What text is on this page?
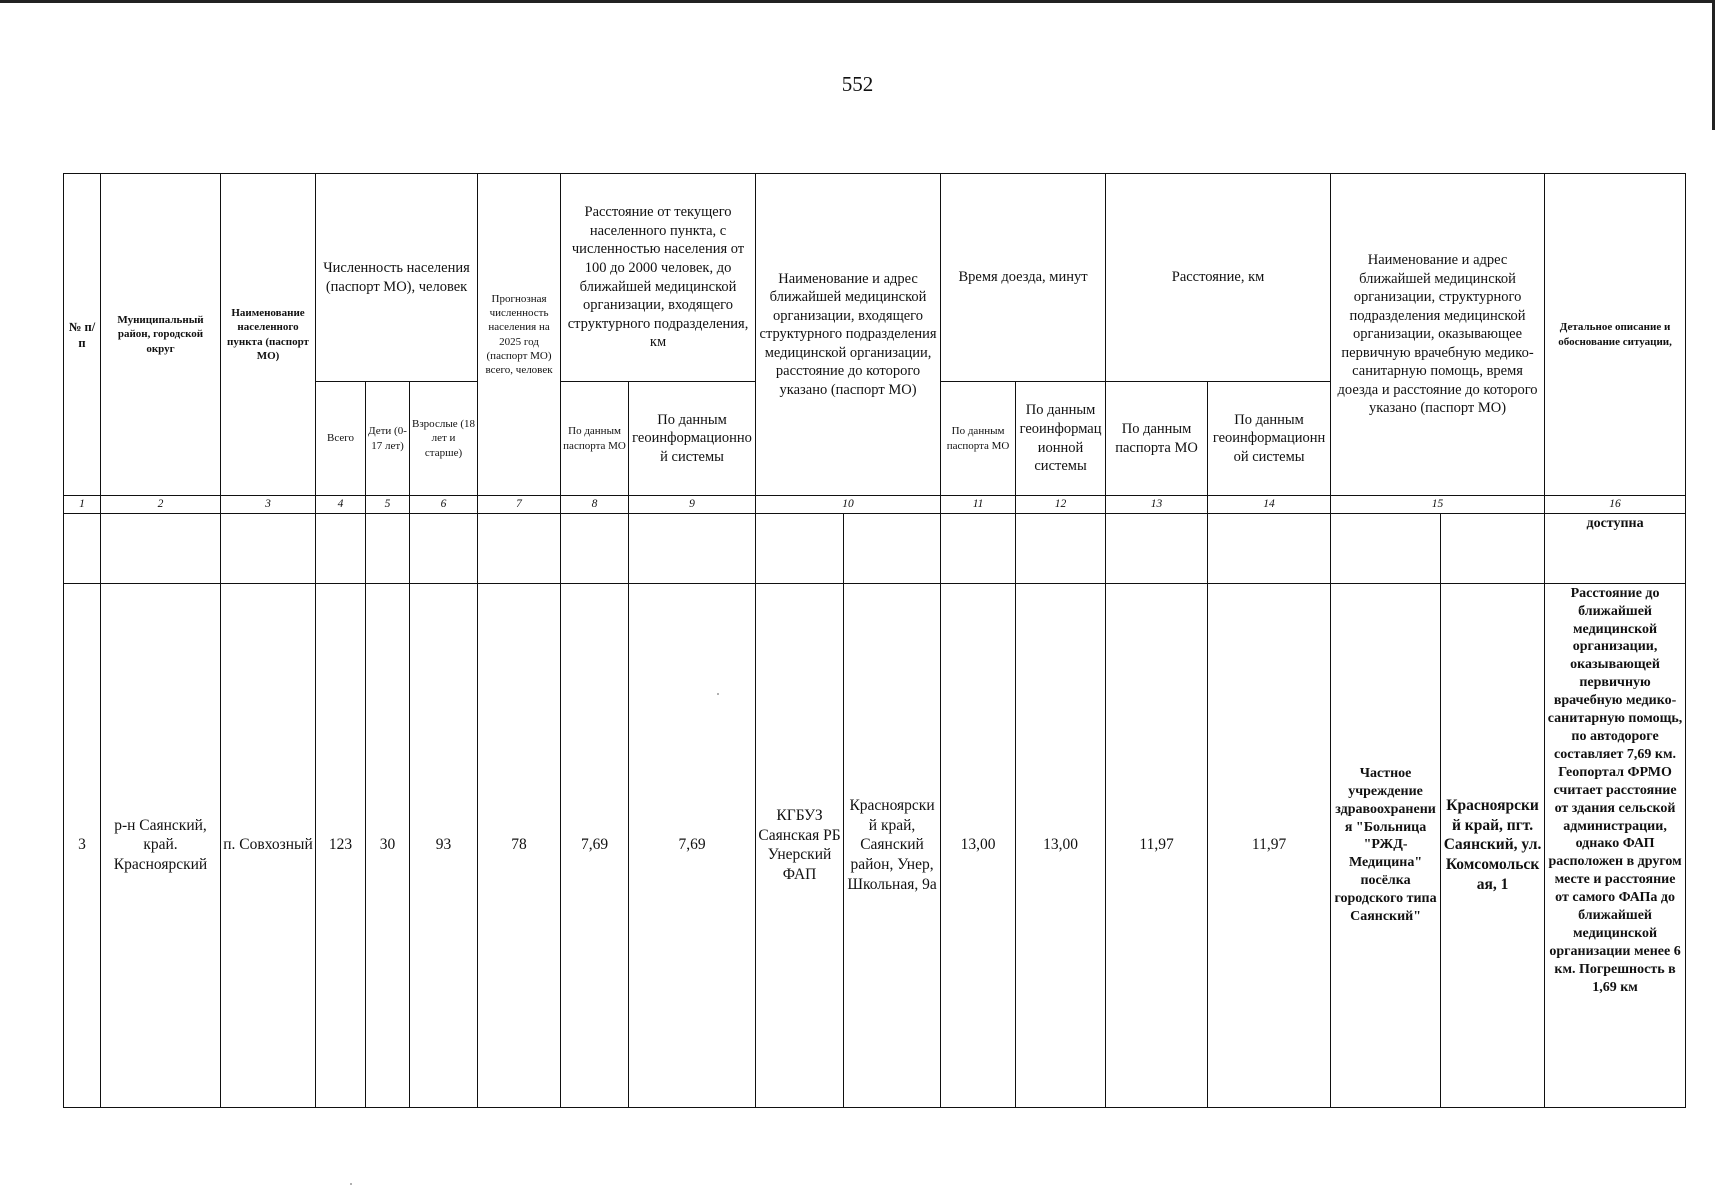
552
№ п/п	Муниципальный район, городской округ	Наименование населенного пункта (паспорт МО)	Численность населения (паспорт МО), человек			Прогнозная численность населения на 2025 год (паспорт МО) всего, человек	Расстояние от текущего населенного пункта, с численностью населения от 100 до 2000 человек, до ближайшей медицинской организации, входящего структурного подразделения, км		Наименование и адрес ближайшей медицинской организации, входящего структурного подразделения медицинской организации, расстояние до которого указано (паспорт МО)		Время доезда, минут		Расстояние, км		Наименование и адрес ближайшей медицинской организации, структурного подразделения медицинской организации, оказывающее первичную врачебную медико-санитарную помощь, время доезда и расстояние до которого указано (паспорт МО)		Детальное описание и обоснование ситуации,
			Всего	Дети (0-17 лет)	Взрослые (18 лет и старше)		По данным паспорта МО	По данным геоинформационной системы			По данным паспорта МО	По данным геоинформационной системы	По данным паспорта МО	По данным геоинформационной системы			
1	2	3	4	5	6	7	8	9	10		11	12	13	14	15		16
																	доступна
3	р-н Саянский, край. Красноярский	п. Совхозный	123	30	93	78	7,69	7,69	КГБУЗ Саянская РБ Унерский ФАП	Красноярский край, Саянский район, Унер, Школьная, 9а	13,00	13,00	11,97	11,97	Частное учреждение здравоохранения "Больница "РЖД-Медицина" посёлка городского типа Саянский"	Красноярский край, пгт. Саянский, ул. Комсомольская, 1	Расстояние до ближайшей медицинской организации, оказывающей первичную врачебную медико-санитарную помощь, по автодороге составляет 7,69 км. Геопортал ФРМО считает расстояние от здания сельской администрации, однако ФАП расположен в другом месте и расстояние от самого ФАПа до ближайшей медицинской организации менее 6 км. Погрешность в 1,69 км
